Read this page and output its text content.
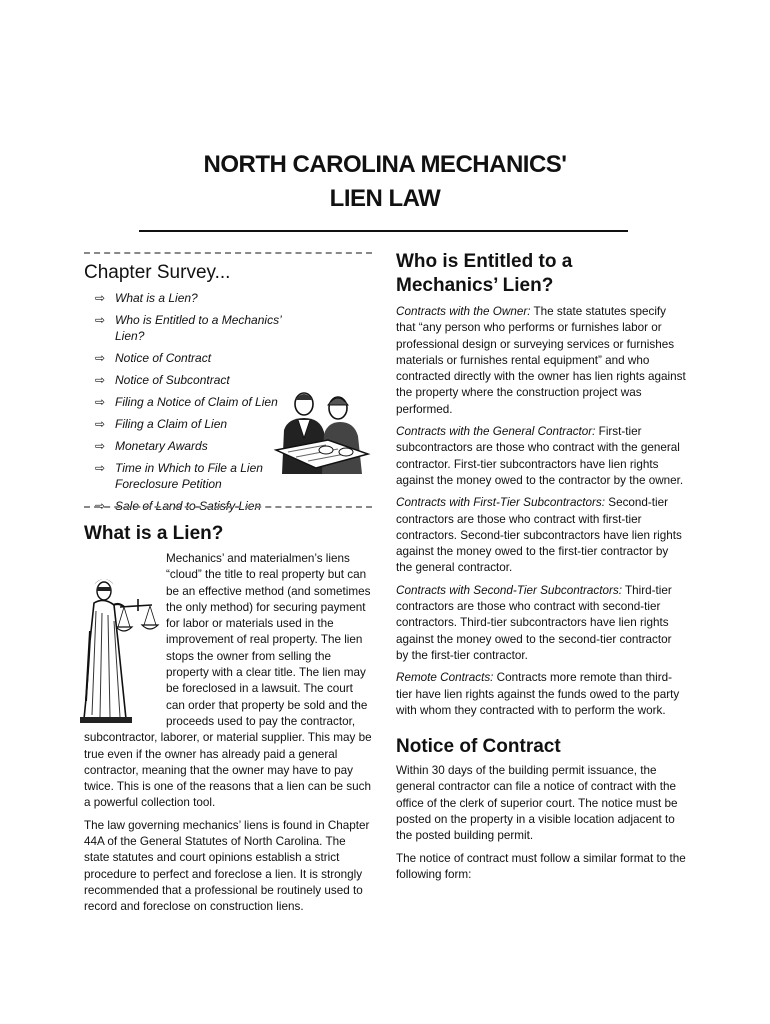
NORTH CAROLINA MECHANICS'
LIEN LAW
Chapter Survey...
⇨ What is a Lien?
⇨ Who is Entitled to a Mechanics’ Lien?
⇨ Notice of Contract
⇨ Notice of Subcontract
⇨ Filing a Notice of Claim of Lien
⇨ Filing a Claim of Lien
⇨ Monetary Awards
⇨ Time in Which to File a Lien Foreclosure Petition
⇨ Sale of Land to Satisfy Lien
What is a Lien?

Mechanics’ and materialmen’s liens “cloud” the title to real property but can be an effective method (and sometimes the only method) for securing payment for labor or materials used in the improvement of real property. The lien stops the owner from selling the property with a clear title. The lien may be foreclosed in a lawsuit. The court can order that property be sold and the proceeds used to pay the contractor, subcontractor, laborer, or material supplier. This may be true even if the owner has already paid a general contractor, meaning that the owner may have to pay twice. This is one of the reasons that a lien can be such a powerful collection tool.

The law governing mechanics’ liens is found in Chapter 44A of the General Statutes of North Carolina. The state statutes and court opinions establish a strict procedure to perfect and foreclose a lien. It is strongly recommended that a professional be routinely used to record and foreclose on construction liens.

Who is Entitled to a Mechanics’ Lien?

Contracts with the Owner: The state statutes specify that “any person who performs or furnishes labor or professional design or surveying services or furnishes materials or furnishes rental equipment” and who contracted directly with the owner has lien rights against the property where the construction project was performed.

Contracts with the General Contractor: First-tier subcontractors are those who contract with the general contractor. First-tier subcontractors have lien rights against the money owed to the contractor by the owner.

Contracts with First-Tier Subcontractors: Second-tier contractors are those who contract with first-tier contractors. Second-tier subcontractors have lien rights against the money owed to the first-tier contractor by the general contractor.

Contracts with Second-Tier Subcontractors: Third-tier contractors are those who contract with second-tier contractors. Third-tier subcontractors have lien rights against the money owed to the second-tier contractor by the first-tier contractor.

Remote Contracts: Contracts more remote than third-tier have lien rights against the funds owed to the party with whom they contracted with to perform the work.

Notice of Contract

Within 30 days of the building permit issuance, the general contractor can file a notice of contract with the office of the clerk of superior court. The notice must be posted on the property in a visible location adjacent to the posted building permit.

The notice of contract must follow a similar format to the following form:
